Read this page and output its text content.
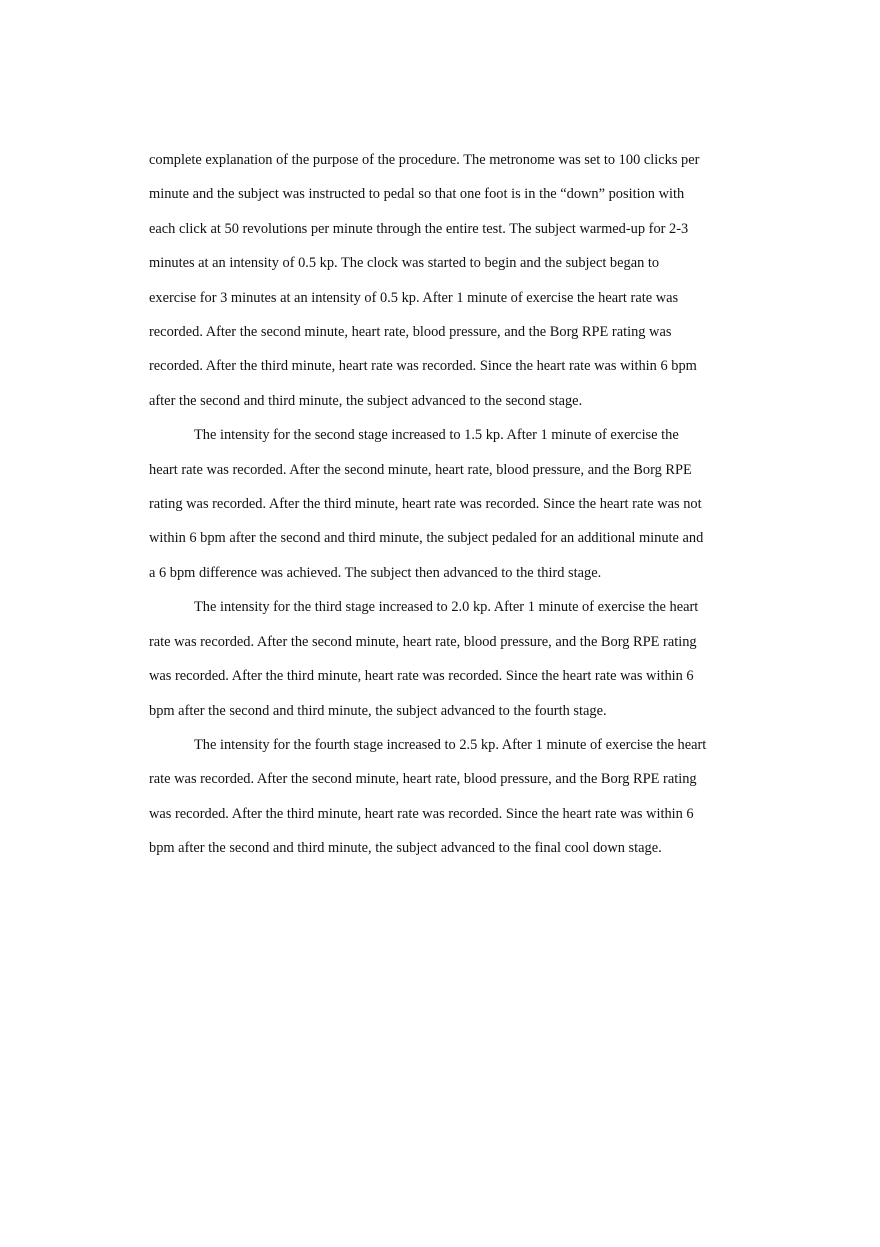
complete explanation of the purpose of the procedure. The metronome was set to 100 clicks per
minute and the subject was instructed to pedal so that one foot is in the “down” position with
each click at 50 revolutions per minute through the entire test. The subject warmed-up for 2-3
minutes at an intensity of 0.5 kp. The clock was started to begin and the subject began to
exercise for 3 minutes at an intensity of 0.5 kp. After 1 minute of exercise the heart rate was
recorded. After the second minute, heart rate, blood pressure, and the Borg RPE rating was
recorded. After the third minute, heart rate was recorded. Since the heart rate was within 6 bpm
after the second and third minute, the subject advanced to the second stage.
The intensity for the second stage increased to 1.5 kp. After 1 minute of exercise the
heart rate was recorded. After the second minute, heart rate, blood pressure, and the Borg RPE
rating was recorded. After the third minute, heart rate was recorded. Since the heart rate was not
within 6 bpm after the second and third minute, the subject pedaled for an additional minute and
a 6 bpm difference was achieved. The subject then advanced to the third stage.
The intensity for the third stage increased to 2.0 kp. After 1 minute of exercise the heart
rate was recorded. After the second minute, heart rate, blood pressure, and the Borg RPE rating
was recorded. After the third minute, heart rate was recorded. Since the heart rate was within 6
bpm after the second and third minute, the subject advanced to the fourth stage.
The intensity for the fourth stage increased to 2.5 kp. After 1 minute of exercise the heart
rate was recorded. After the second minute, heart rate, blood pressure, and the Borg RPE rating
was recorded. After the third minute, heart rate was recorded. Since the heart rate was within 6
bpm after the second and third minute, the subject advanced to the final cool down stage.
